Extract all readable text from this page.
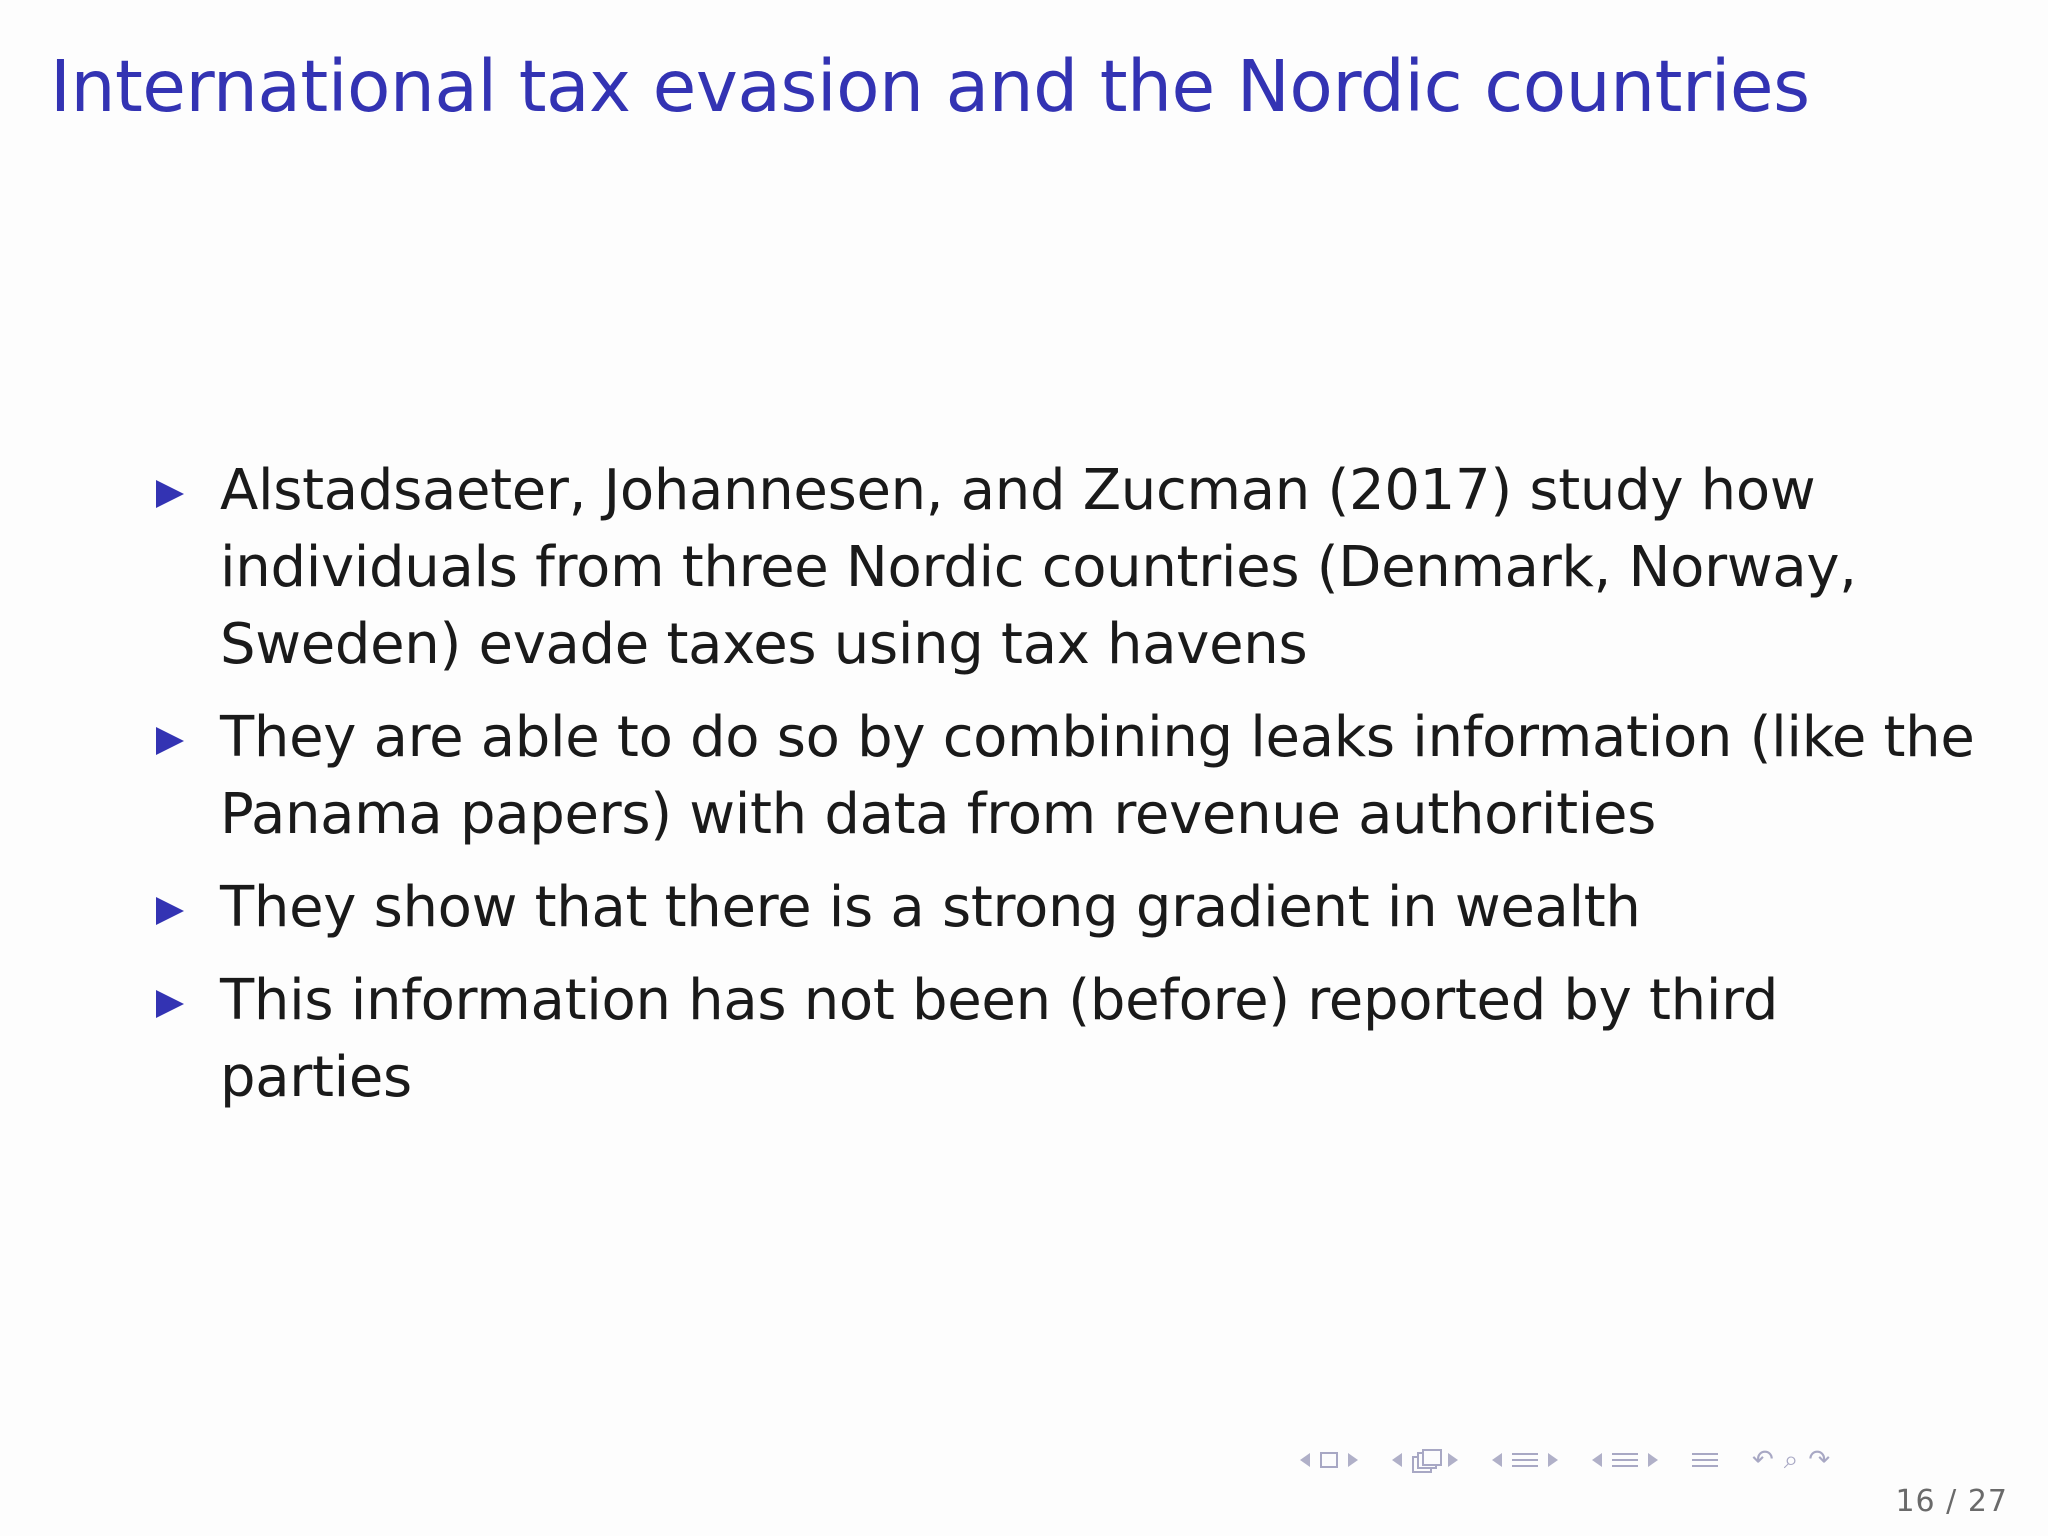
International tax evasion and the Nordic countries
Alstadsaeter, Johannesen, and Zucman (2017) study how individuals from three Nordic countries (Denmark, Norway, Sweden) evade taxes using tax havens
They are able to do so by combining leaks information (like the Panama papers) with data from revenue authorities
They show that there is a strong gradient in wealth
This information has not been (before) reported by third parties
↶ ⌕ ↷
16 / 27
